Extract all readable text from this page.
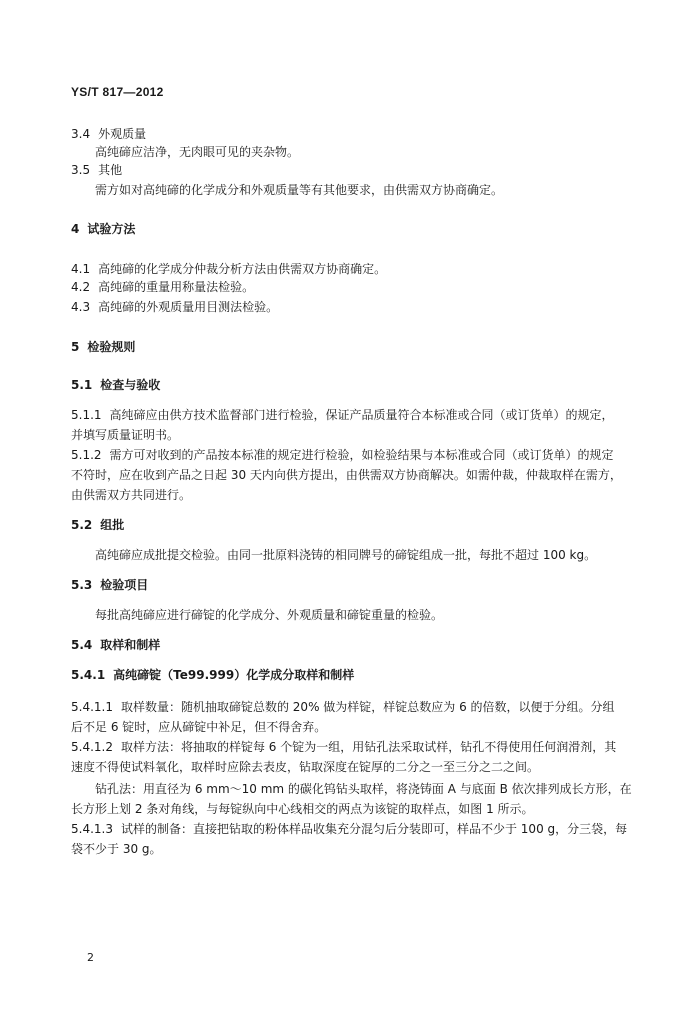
YS/T 817—2012
3.4 外观质量
高纯碲应洁净，无肉眼可见的夹杂物。
3.5 其他
需方如对高纯碲的化学成分和外观质量等有其他要求，由供需双方协商确定。
4 试验方法
4.1 高纯碲的化学成分仲裁分析方法由供需双方协商确定。
4.2 高纯碲的重量用称量法检验。
4.3 高纯碲的外观质量用目测法检验。
5 检验规则
5.1 检查与验收
5.1.1 高纯碲应由供方技术监督部门进行检验，保证产品质量符合本标准或合同（或订货单）的规定，
并填写质量证明书。
5.1.2 需方可对收到的产品按本标准的规定进行检验，如检验结果与本标准或合同（或订货单）的规定
不符时，应在收到产品之日起 30 天内向供方提出，由供需双方协商解决。如需仲裁，仲裁取样在需方，
由供需双方共同进行。
5.2 组批
高纯碲应成批提交检验。由同一批原料浇铸的相同牌号的碲锭组成一批，每批不超过 100 kg。
5.3 检验项目
每批高纯碲应进行碲锭的化学成分、外观质量和碲锭重量的检验。
5.4 取样和制样
5.4.1 高纯碲锭（Te99.999）化学成分取样和制样
5.4.1.1 取样数量：随机抽取碲锭总数的 20% 做为样锭，样锭总数应为 6 的倍数，以便于分组。分组
后不足 6 锭时，应从碲锭中补足，但不得舍弃。
5.4.1.2 取样方法：将抽取的样锭每 6 个锭为一组，用钻孔法采取试样，钻孔不得使用任何润滑剂，其
速度不得使试料氧化，取样时应除去表皮，钻取深度在锭厚的二分之一至三分之二之间。
钻孔法：用直径为 6 mm～10 mm 的碳化钨钻头取样，将浇铸面 A 与底面 B 依次排列成长方形，在
长方形上划 2 条对角线，与每锭纵向中心线相交的两点为该锭的取样点，如图 1 所示。
5.4.1.3 试样的制备：直接把钻取的粉体样品收集充分混匀后分装即可，样品不少于 100 g，分三袋，每
袋不少于 30 g。
2
